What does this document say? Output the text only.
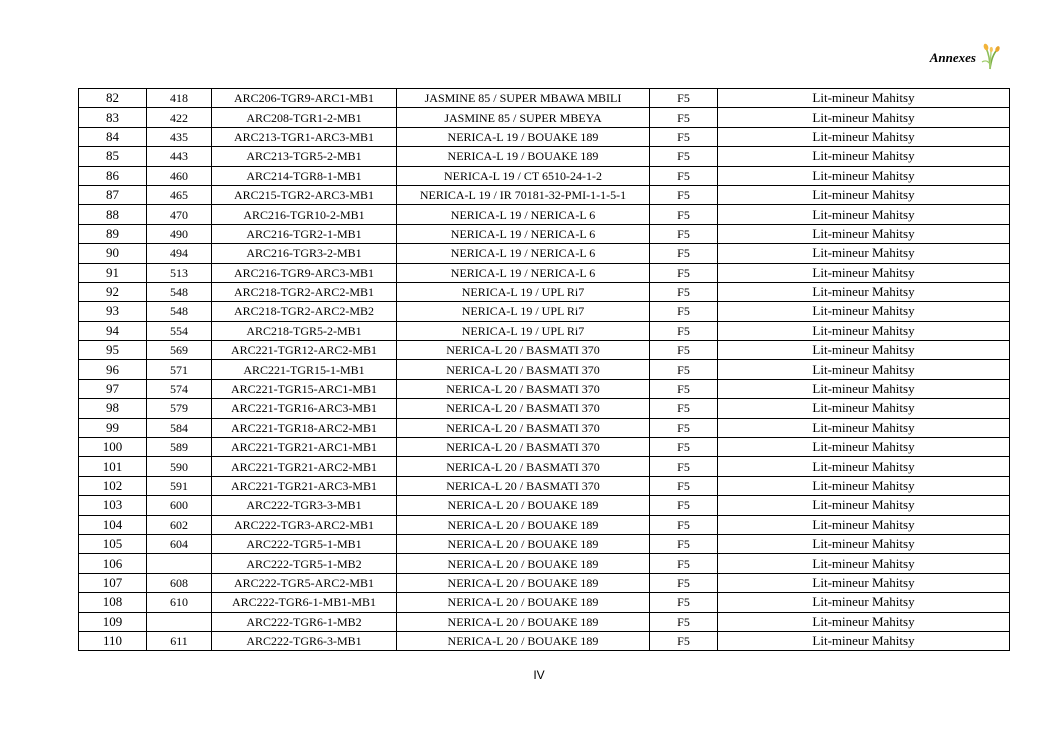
Annexes
82	418	ARC206-TGR9-ARC1-MB1	JASMINE 85 / SUPER MBAWA MBILI	F5	Lit-mineur Mahitsy
83	422	ARC208-TGR1-2-MB1	JASMINE 85 / SUPER MBEYA	F5	Lit-mineur Mahitsy
84	435	ARC213-TGR1-ARC3-MB1	NERICA-L 19 / BOUAKE 189	F5	Lit-mineur Mahitsy
85	443	ARC213-TGR5-2-MB1	NERICA-L 19 / BOUAKE 189	F5	Lit-mineur Mahitsy
86	460	ARC214-TGR8-1-MB1	NERICA-L 19 / CT 6510-24-1-2	F5	Lit-mineur Mahitsy
87	465	ARC215-TGR2-ARC3-MB1	NERICA-L 19 / IR 70181-32-PMI-1-1-5-1	F5	Lit-mineur Mahitsy
88	470	ARC216-TGR10-2-MB1	NERICA-L 19 / NERICA-L 6	F5	Lit-mineur Mahitsy
89	490	ARC216-TGR2-1-MB1	NERICA-L 19 / NERICA-L 6	F5	Lit-mineur Mahitsy
90	494	ARC216-TGR3-2-MB1	NERICA-L 19 / NERICA-L 6	F5	Lit-mineur Mahitsy
91	513	ARC216-TGR9-ARC3-MB1	NERICA-L 19 / NERICA-L 6	F5	Lit-mineur Mahitsy
92	548	ARC218-TGR2-ARC2-MB1	NERICA-L 19 / UPL Ri7	F5	Lit-mineur Mahitsy
93	548	ARC218-TGR2-ARC2-MB2	NERICA-L 19 / UPL Ri7	F5	Lit-mineur Mahitsy
94	554	ARC218-TGR5-2-MB1	NERICA-L 19 / UPL Ri7	F5	Lit-mineur Mahitsy
95	569	ARC221-TGR12-ARC2-MB1	NERICA-L 20 / BASMATI 370	F5	Lit-mineur Mahitsy
96	571	ARC221-TGR15-1-MB1	NERICA-L 20 / BASMATI 370	F5	Lit-mineur Mahitsy
97	574	ARC221-TGR15-ARC1-MB1	NERICA-L 20 / BASMATI 370	F5	Lit-mineur Mahitsy
98	579	ARC221-TGR16-ARC3-MB1	NERICA-L 20 / BASMATI 370	F5	Lit-mineur Mahitsy
99	584	ARC221-TGR18-ARC2-MB1	NERICA-L 20 / BASMATI 370	F5	Lit-mineur Mahitsy
100	589	ARC221-TGR21-ARC1-MB1	NERICA-L 20 / BASMATI 370	F5	Lit-mineur Mahitsy
101	590	ARC221-TGR21-ARC2-MB1	NERICA-L 20 / BASMATI 370	F5	Lit-mineur Mahitsy
102	591	ARC221-TGR21-ARC3-MB1	NERICA-L 20 / BASMATI 370	F5	Lit-mineur Mahitsy
103	600	ARC222-TGR3-3-MB1	NERICA-L 20 / BOUAKE 189	F5	Lit-mineur Mahitsy
104	602	ARC222-TGR3-ARC2-MB1	NERICA-L 20 / BOUAKE 189	F5	Lit-mineur Mahitsy
105	604	ARC222-TGR5-1-MB1	NERICA-L 20 / BOUAKE 189	F5	Lit-mineur Mahitsy
106		ARC222-TGR5-1-MB2	NERICA-L 20 / BOUAKE 189	F5	Lit-mineur Mahitsy
107	608	ARC222-TGR5-ARC2-MB1	NERICA-L 20 / BOUAKE 189	F5	Lit-mineur Mahitsy
108	610	ARC222-TGR6-1-MB1-MB1	NERICA-L 20 / BOUAKE 189	F5	Lit-mineur Mahitsy
109		ARC222-TGR6-1-MB2	NERICA-L 20 / BOUAKE 189	F5	Lit-mineur Mahitsy
110	611	ARC222-TGR6-3-MB1	NERICA-L 20 / BOUAKE 189	F5	Lit-mineur Mahitsy
IV
